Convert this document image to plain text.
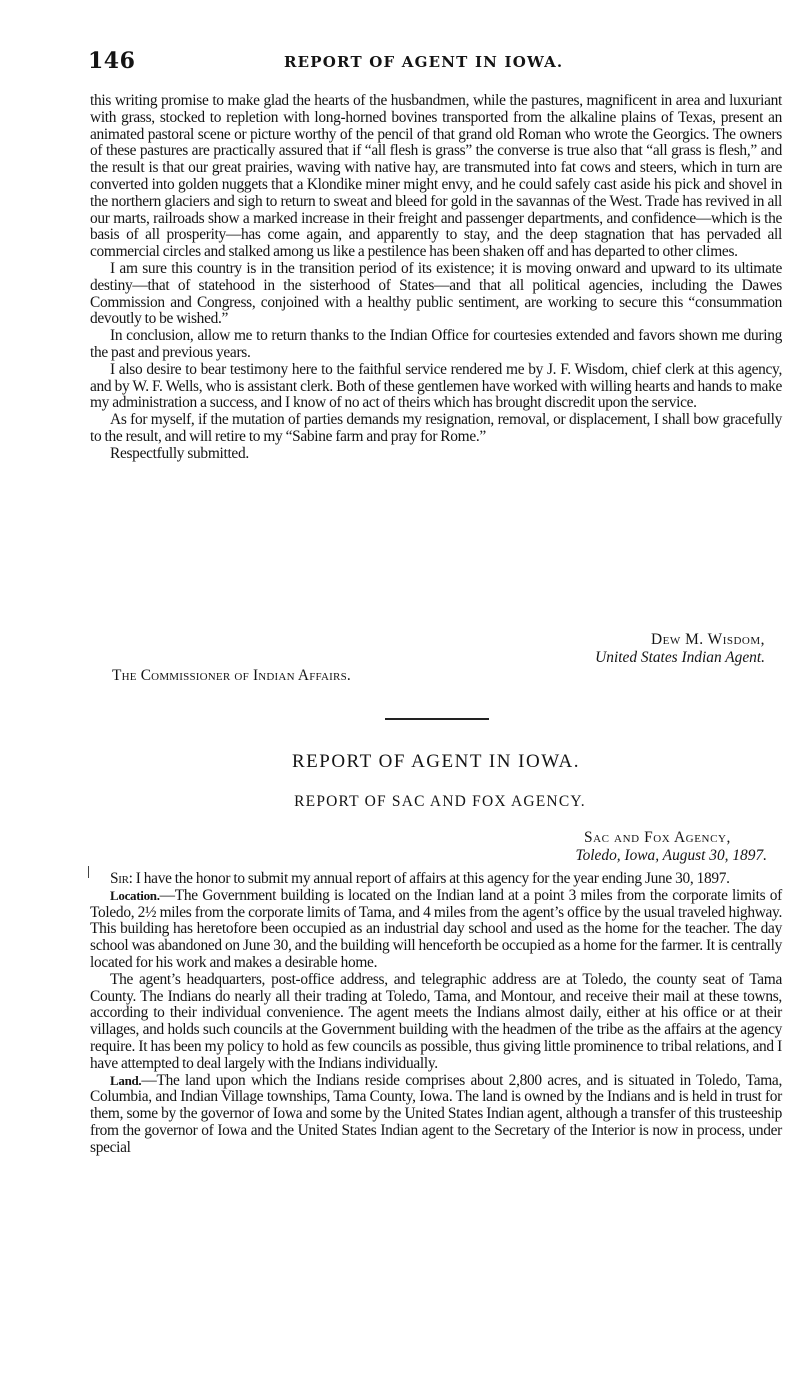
146	REPORT OF AGENT IN IOWA.

this writing promise to make glad the hearts of the husbandmen, while the pastures, magnificent in area and luxuriant with grass, stocked to repletion with long-horned bovines transported from the alkaline plains of Texas, present an animated pastoral scene or picture worthy of the pencil of that grand old Roman who wrote the Georgics. The owners of these pastures are practically assured that if “all flesh is grass” the converse is true also that “all grass is flesh,” and the result is that our great prairies, waving with native hay, are transmuted into fat cows and steers, which in turn are converted into golden nuggets that a Klondike miner might envy, and he could safely cast aside his pick and shovel in the northern glaciers and sigh to return to sweat and bleed for gold in the savannas of the West. Trade has revived in all our marts, railroads show a marked increase in their freight and passenger departments, and confidence—which is the basis of all prosperity—has come again, and apparently to stay, and the deep stagnation that has pervaded all commercial circles and stalked among us like a pestilence has been shaken off and has departed to other climes.

I am sure this country is in the transition period of its existence; it is moving onward and upward to its ultimate destiny—that of statehood in the sisterhood of States—and that all political agencies, including the Dawes Commission and Congress, conjoined with a healthy public sentiment, are working to secure this “consummation devoutly to be wished.”

In conclusion, allow me to return thanks to the Indian Office for courtesies extended and favors shown me during the past and previous years.

I also desire to bear testimony here to the faithful service rendered me by J. F. Wisdom, chief clerk at this agency, and by W. F. Wells, who is assistant clerk. Both of these gentlemen have worked with willing hearts and hands to make my administration a success, and I know of no act of theirs which has brought discredit upon the service.

As for myself, if the mutation of parties demands my resignation, removal, or displacement, I shall bow gracefully to the result, and will retire to my “Sabine farm and pray for Rome.”

Respectfully submitted.

Dew M. Wisdom,
United States Indian Agent.
The Commissioner of Indian Affairs.
REPORT OF AGENT IN IOWA.
REPORT OF SAC AND FOX AGENCY.
Sac and Fox Agency,
Toledo, Iowa, August 30, 1897.

Sir: I have the honor to submit my annual report of affairs at this agency for the year ending June 30, 1897.

Location.—The Government building is located on the Indian land at a point 3 miles from the corporate limits of Toledo, 2½ miles from the corporate limits of Tama, and 4 miles from the agent’s office by the usual traveled highway. This building has heretofore been occupied as an industrial day school and used as the home for the teacher. The day school was abandoned on June 30, and the building will henceforth be occupied as a home for the farmer. It is centrally located for his work and makes a desirable home.

The agent’s headquarters, post-office address, and telegraphic address are at Toledo, the county seat of Tama County. The Indians do nearly all their trading at Toledo, Tama, and Montour, and receive their mail at these towns, according to their individual convenience. The agent meets the Indians almost daily, either at his office or at their villages, and holds such councils at the Government building with the headmen of the tribe as the affairs at the agency require. It has been my policy to hold as few councils as possible, thus giving little prominence to tribal relations, and I have attempted to deal largely with the Indians individually.

Land.—The land upon which the Indians reside comprises about 2,800 acres, and is situated in Toledo, Tama, Columbia, and Indian Village townships, Tama County, Iowa. The land is owned by the Indians and is held in trust for them, some by the governor of Iowa and some by the United States Indian agent, although a transfer of this trusteeship from the governor of Iowa and the United States Indian agent to the Secretary of the Interior is now in process, under special
